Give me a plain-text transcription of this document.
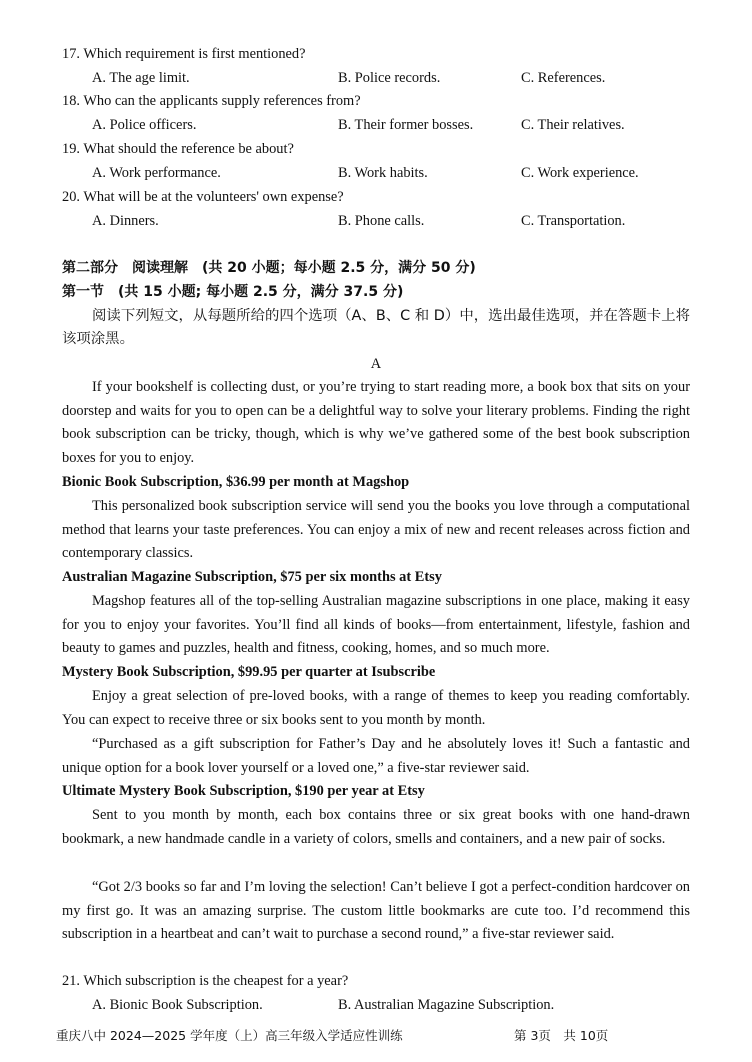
17. Which requirement is first mentioned?
A. The age limit.	B. Police records.	C. References.
18. Who can the applicants supply references from?
A. Police officers.	B. Their former bosses.	C. Their relatives.
19. What should the reference be about?
A. Work performance.	B. Work habits.	C. Work experience.
20. What will be at the volunteers' own expense?
A. Dinners.	B. Phone calls.	C. Transportation.
第二部分　阅读理解　(共 20 小题；每小题 2.5 分，满分 50 分)
第一节　(共 15 小题; 每小题 2.5 分，满分 37.5 分)
阅读下列短文，从每题所给的四个选项（A、B、C 和 D）中，选出最佳选项，并在答题卡上将该项涂黑。
A
If your bookshelf is collecting dust, or you’re trying to start reading more, a book box that sits on your doorstep and waits for you to open can be a delightful way to solve your literary problems. Finding the right book subscription can be tricky, though, which is why we’ve gathered some of the best book subscription boxes for you to enjoy.
Bionic Book Subscription, $36.99 per month at Magshop
This personalized book subscription service will send you the books you love through a computational method that learns your taste preferences. You can enjoy a mix of new and recent releases across fiction and contemporary classics.
Australian Magazine Subscription, $75 per six months at Etsy
Magshop features all of the top-selling Australian magazine subscriptions in one place, making it easy for you to enjoy your favorites. You’ll find all kinds of books—from entertainment, lifestyle, fashion and beauty to games and puzzles, health and fitness, cooking, homes, and so much more.
Mystery Book Subscription, $99.95 per quarter at Isubscribe
Enjoy a great selection of pre-loved books, with a range of themes to keep you reading comfortably. You can expect to receive three or six books sent to you month by month.
“Purchased as a gift subscription for Father’s Day and he absolutely loves it! Such a fantastic and unique option for a book lover yourself or a loved one,” a five-star reviewer said.
Ultimate Mystery Book Subscription, $190 per year at Etsy
Sent to you month by month, each box contains three or six great books with one hand-drawn bookmark, a new handmade candle in a variety of colors, smells and containers, and a new pair of socks.
“Got 2/3 books so far and I’m loving the selection! Can’t believe I got a perfect-condition hardcover on my first go. It was an amazing surprise. The custom little bookmarks are cute too. I’d recommend this subscription in a heartbeat and can’t wait to purchase a second round,” a five-star reviewer said.
21. Which subscription is the cheapest for a year?
A. Bionic Book Subscription.	B. Australian Magazine Subscription.
重庆八中 2024—2025 学年度（上）高三年级入学适应性训练	第 3页　共 10页
